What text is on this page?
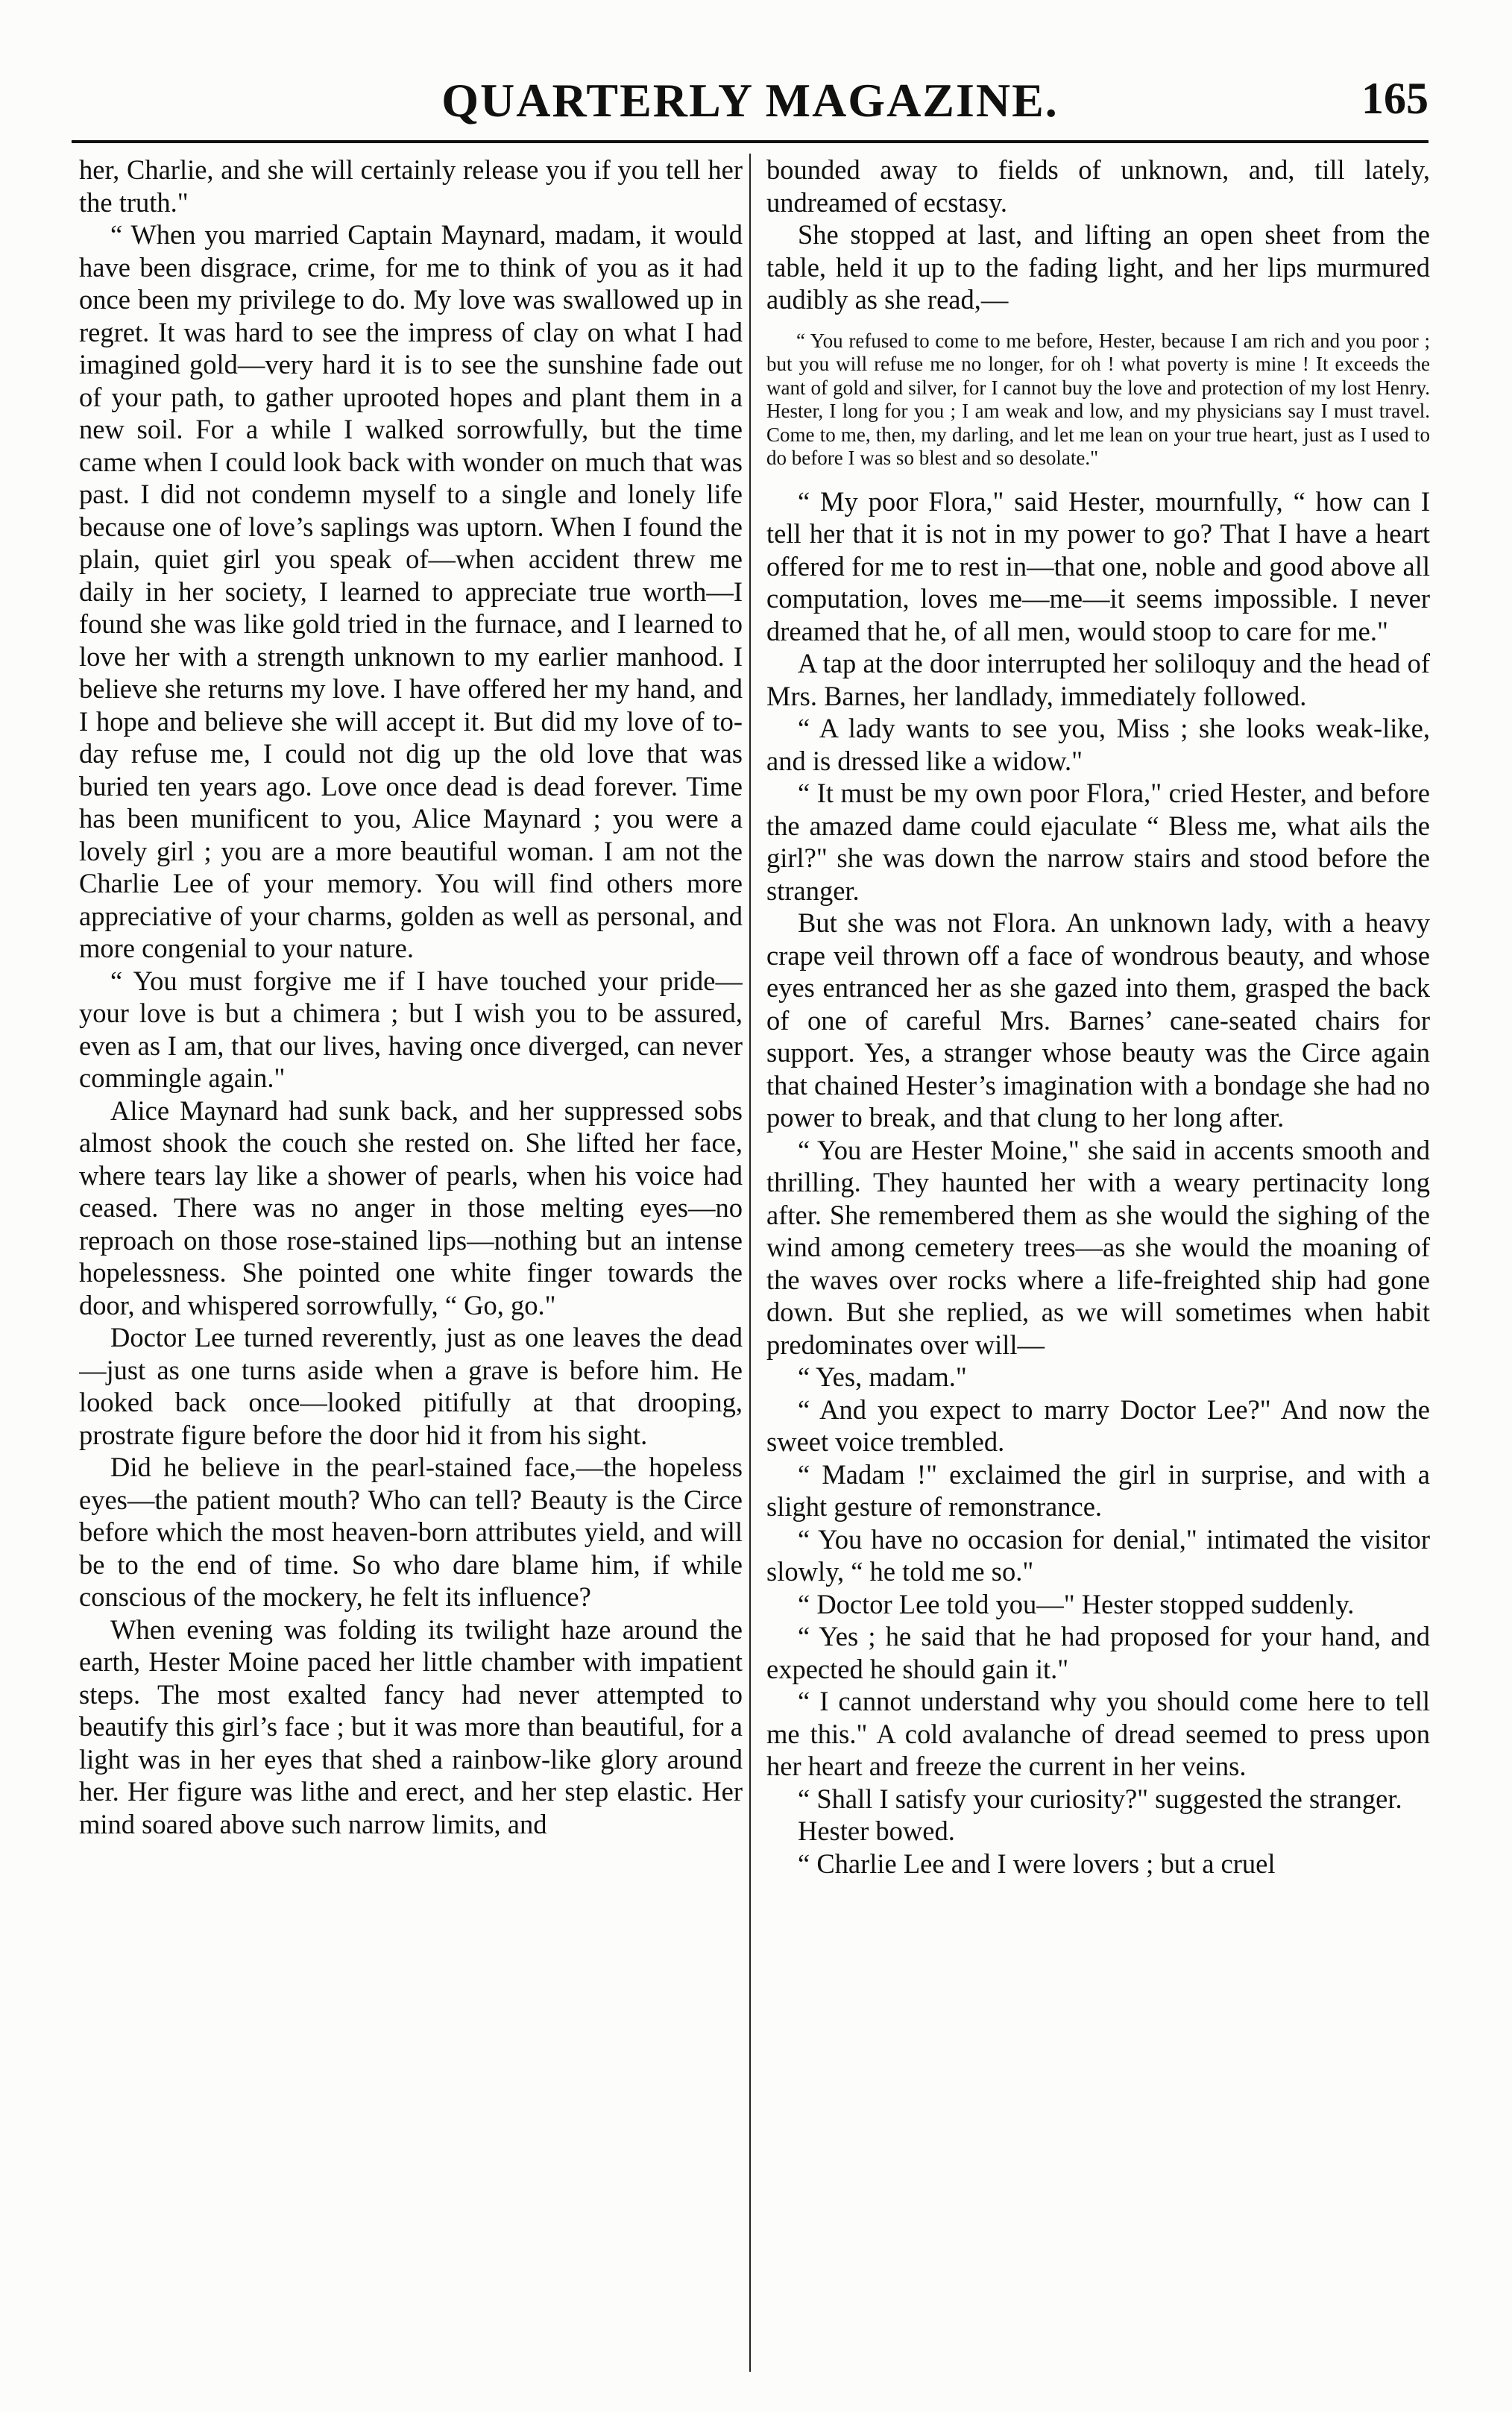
QUARTERLY MAGAZINE.	165

her, Charlie, and she will certainly release you if you tell her the truth."

“ When you married Captain Maynard, madam, it would have been disgrace, crime, for me to think of you as it had once been my privilege to do. My love was swallowed up in regret. It was hard to see the impress of clay on what I had imagined gold—very hard it is to see the sunshine fade out of your path, to gather uprooted hopes and plant them in a new soil. For a while I walked sorrowfully, but the time came when I could look back with wonder on much that was past. I did not condemn myself to a single and lonely life because one of love’s saplings was uptorn. When I found the plain, quiet girl you speak of—when accident threw me daily in her society, I learned to appreciate true worth—I found she was like gold tried in the furnace, and I learned to love her with a strength unknown to my earlier manhood. I believe she returns my love. I have offered her my hand, and I hope and believe she will accept it. But did my love of to-day refuse me, I could not dig up the old love that was buried ten years ago. Love once dead is dead forever. Time has been munificent to you, Alice Maynard ; you were a lovely girl ; you are a more beautiful woman. I am not the Charlie Lee of your memory. You will find others more appreciative of your charms, golden as well as personal, and more congenial to your nature.

“ You must forgive me if I have touched your pride—your love is but a chimera ; but I wish you to be assured, even as I am, that our lives, having once diverged, can never commingle again."

Alice Maynard had sunk back, and her suppressed sobs almost shook the couch she rested on. She lifted her face, where tears lay like a shower of pearls, when his voice had ceased. There was no anger in those melting eyes—no reproach on those rose-stained lips—nothing but an intense hopelessness. She pointed one white finger towards the door, and whispered sorrowfully, “ Go, go."

Doctor Lee turned reverently, just as one leaves the dead—just as one turns aside when a grave is before him. He looked back once—looked pitifully at that drooping, prostrate figure before the door hid it from his sight.

Did he believe in the pearl-stained face,—the hopeless eyes—the patient mouth? Who can tell? Beauty is the Circe before which the most heaven-born attributes yield, and will be to the end of time. So who dare blame him, if while conscious of the mockery, he felt its influence?

When evening was folding its twilight haze around the earth, Hester Moine paced her little chamber with impatient steps. The most exalted fancy had never attempted to beautify this girl’s face ; but it was more than beautiful, for a light was in her eyes that shed a rainbow-like glory around her. Her figure was lithe and erect, and her step elastic. Her mind soared above such narrow limits, and

bounded away to fields of unknown, and, till lately, undreamed of ecstasy.

She stopped at last, and lifting an open sheet from the table, held it up to the fading light, and her lips murmured audibly as she read,—

“ You refused to come to me before, Hester, because I am rich and you poor ; but you will refuse me no longer, for oh ! what poverty is mine ! It exceeds the want of gold and silver, for I cannot buy the love and protection of my lost Henry. Hester, I long for you ; I am weak and low, and my physicians say I must travel. Come to me, then, my darling, and let me lean on your true heart, just as I used to do before I was so blest and so desolate."

“ My poor Flora," said Hester, mournfully, “ how can I tell her that it is not in my power to go? That I have a heart offered for me to rest in—that one, noble and good above all computation, loves me—me—it seems impossible. I never dreamed that he, of all men, would stoop to care for me."

A tap at the door interrupted her soliloquy and the head of Mrs. Barnes, her landlady, immediately followed.

“ A lady wants to see you, Miss ; she looks weak-like, and is dressed like a widow."

“ It must be my own poor Flora," cried Hester, and before the amazed dame could ejaculate “ Bless me, what ails the girl?" she was down the narrow stairs and stood before the stranger.

But she was not Flora. An unknown lady, with a heavy crape veil thrown off a face of wondrous beauty, and whose eyes entranced her as she gazed into them, grasped the back of one of careful Mrs. Barnes’ cane-seated chairs for support. Yes, a stranger whose beauty was the Circe again that chained Hester’s imagination with a bondage she had no power to break, and that clung to her long after.

“ You are Hester Moine," she said in accents smooth and thrilling. They haunted her with a weary pertinacity long after. She remembered them as she would the sighing of the wind among cemetery trees—as she would the moaning of the waves over rocks where a life-freighted ship had gone down. But she replied, as we will sometimes when habit predominates over will—

“ Yes, madam."

“ And you expect to marry Doctor Lee?" And now the sweet voice trembled.

“ Madam !" exclaimed the girl in surprise, and with a slight gesture of remonstrance.

“ You have no occasion for denial," intimated the visitor slowly, “ he told me so."

“ Doctor Lee told you—" Hester stopped suddenly.

“ Yes ; he said that he had proposed for your hand, and expected he should gain it."

“ I cannot understand why you should come here to tell me this." A cold avalanche of dread seemed to press upon her heart and freeze the current in her veins.

“ Shall I satisfy your curiosity?" suggested the stranger.

Hester bowed.

“ Charlie Lee and I were lovers ; but a cruel
